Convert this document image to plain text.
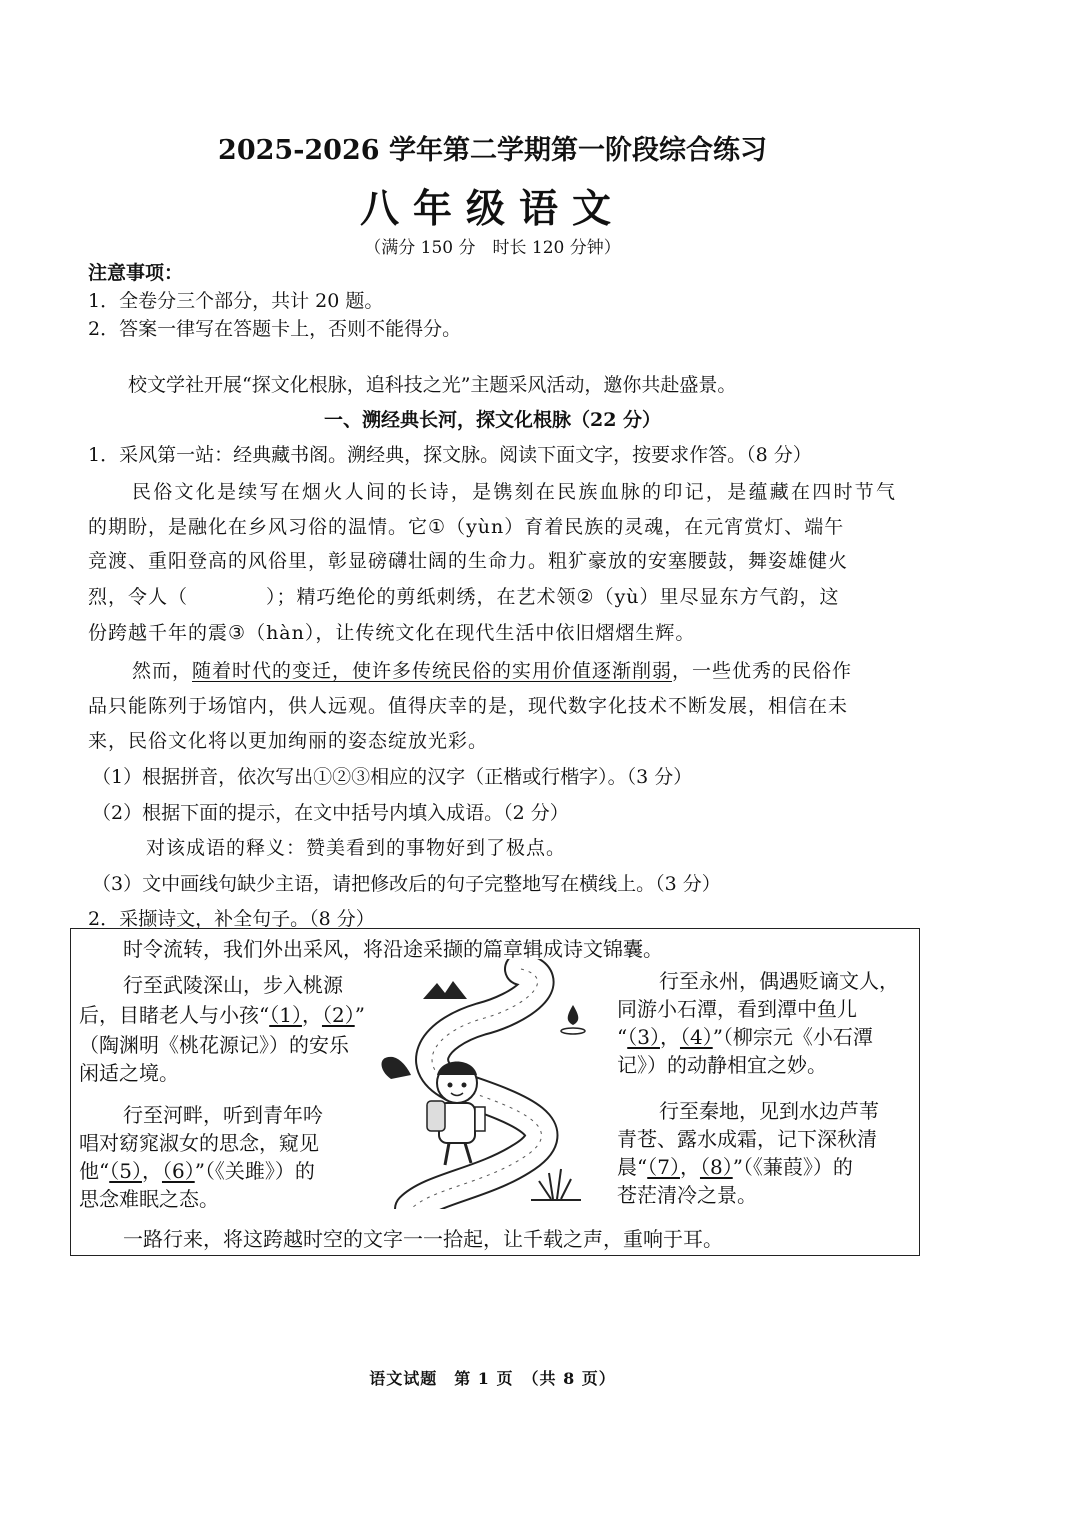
2025-2026 学年第二学期第一阶段综合练习
八年级语文
（满分 150 分　时长 120 分钟）
注意事项：
1．全卷分三个部分，共计 20 题。
2．答案一律写在答题卡上，否则不能得分。
校文学社开展“探文化根脉，追科技之光”主题采风活动，邀你共赴盛景。
一、溯经典长河，探文化根脉（22 分）
1．采风第一站：经典藏书阁。溯经典，探文脉。阅读下面文字，按要求作答。（8 分）
民俗文化是续写在烟火人间的长诗，是镌刻在民族血脉的印记，是蕴藏在四时节气
的期盼，是融化在乡风习俗的温情。它①（yùn）育着民族的灵魂，在元宵赏灯、端午
竞渡、重阳登高的风俗里，彰显磅礴壮阔的生命力。粗犷豪放的安塞腰鼓，舞姿雄健火
烈，令人（	）；精巧绝伦的剪纸刺绣，在艺术领②（yù）里尽显东方气韵，这
份跨越千年的震③（hàn），让传统文化在现代生活中依旧熠熠生辉。
然而，随着时代的变迁，使许多传统民俗的实用价值逐渐削弱，一些优秀的民俗作
品只能陈列于场馆内，供人远观。值得庆幸的是，现代数字化技术不断发展，相信在未
来，民俗文化将以更加绚丽的姿态绽放光彩。
（1）根据拼音，依次写出①②③相应的汉字（正楷或行楷字）。（3 分）
（2）根据下面的提示，在文中括号内填入成语。（2 分）
对该成语的释义：赞美看到的事物好到了极点。
（3）文中画线句缺少主语，请把修改后的句子完整地写在横线上。（3 分）
2．采撷诗文，补全句子。（8 分）
时令流转，我们外出采风，将沿途采撷的篇章辑成诗文锦囊。
行至武陵深山，步入桃源
后，目睹老人与小孩“（1），（2）”
（陶渊明《桃花源记》）的安乐
闲适之境。
行至河畔，听到青年吟
唱对窈窕淑女的思念，窥见
他“（5），（6）”（《关雎》）的
思念难眠之态。
行至永州，偶遇贬谪文人，
同游小石潭，看到潭中鱼儿
“（3），（4）”（柳宗元《小石潭
记》）的动静相宜之妙。
行至秦地，见到水边芦苇
青苍、露水成霜，记下深秋清
晨“（7），（8）”（《蒹葭》）的
苍茫清冷之景。
一路行来，将这跨越时空的文字一一拾起，让千载之声，重响于耳。
语文试题　第 1 页　（共 8 页）
